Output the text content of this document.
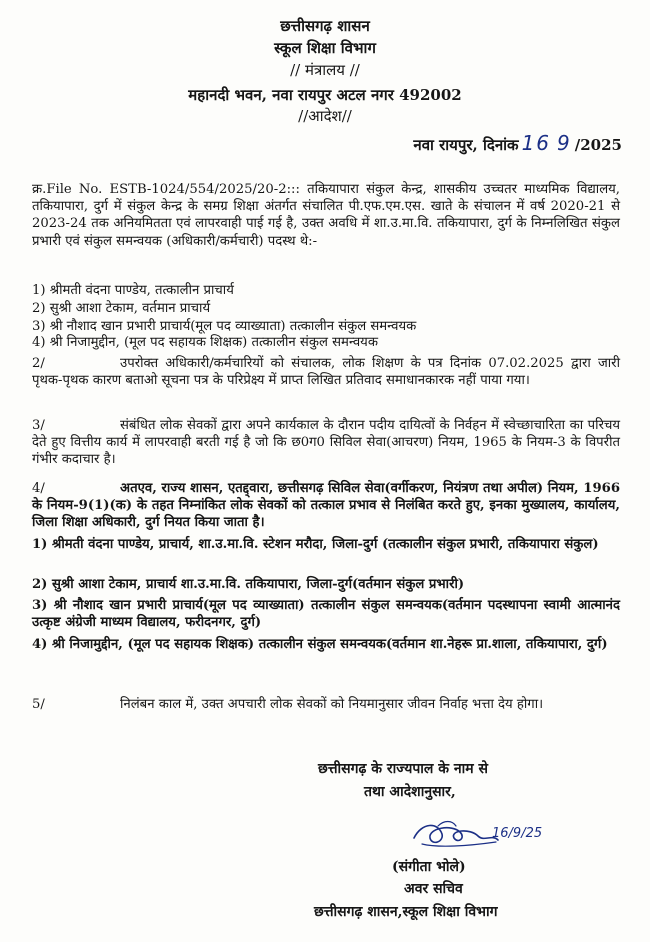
छत्तीसगढ़ शासन
स्कूल शिक्षा विभाग
// मंत्रालय //
महानदी भवन, नवा रायपुर अटल नगर 492002
//आदेश//
नवा रायपुर, दिनांक 16 9 /2025
क्र.File No. ESTB-1024/554/2025/20-2::: तकियापारा संकुल केन्द्र, शासकीय उच्चतर माध्यमिक विद्यालय, तकियापारा, दुर्ग में संकुल केन्द्र के समग्र शिक्षा अंतर्गत संचालित पी.एफ.एम.एस. खाते के संचालन में वर्ष 2020-21 से 2023-24 तक अनियमितता एवं लापरवाही पाई गई है, उक्त अवधि में शा.उ.मा.वि. तकियापारा, दुर्ग के निम्नलिखित संकुल प्रभारी एवं संकुल समन्वयक (अधिकारी/कर्मचारी) पदस्थ थे:-
1) श्रीमती वंदना पाण्डेय, तत्कालीन प्राचार्य
2) सुश्री आशा टेकाम, वर्तमान प्राचार्य
3) श्री नौशाद खान प्रभारी प्राचार्य(मूल पद व्याख्याता) तत्कालीन संकुल समन्वयक
4) श्री निजामुद्दीन, (मूल पद सहायक शिक्षक) तत्कालीन संकुल समन्वयक
2/	उपरोक्त अधिकारी/कर्मचारियों को संचालक, लोक शिक्षण के पत्र दिनांक 07.02.2025 द्वारा जारी पृथक-पृथक कारण बताओ सूचना पत्र के परिप्रेक्ष्य में प्राप्त लिखित प्रतिवाद समाधानकारक नहीं पाया गया।
3/	संबंधित लोक सेवकों द्वारा अपने कार्यकाल के दौरान पदीय दायित्वों के निर्वहन में स्वेच्छाचारिता का परिचय देते हुए वित्तीय कार्य में लापरवाही बरती गई है जो कि छ0ग0 सिविल सेवा(आचरण) नियम, 1965 के नियम-3 के विपरीत गंभीर कदाचार है।
4/	अतएव, राज्य शासन, एतद्द्वारा, छत्तीसगढ़ सिविल सेवा(वर्गीकरण, नियंत्रण तथा अपील) नियम, 1966 के नियम-9(1)(क) के तहत निम्नांकित लोक सेवकों को तत्काल प्रभाव से निलंबित करते हुए, इनका मुख्यालय, कार्यालय, जिला शिक्षा अधिकारी, दुर्ग नियत किया जाता है।
1) श्रीमती वंदना पाण्डेय, प्राचार्य, शा.उ.मा.वि. स्टेशन मरौदा, जिला-दुर्ग (तत्कालीन संकुल प्रभारी, तकियापारा संकुल)
2) सुश्री आशा टेकाम, प्राचार्य शा.उ.मा.वि. तकियापारा, जिला-दुर्ग(वर्तमान संकुल प्रभारी)
3) श्री नौशाद खान प्रभारी प्राचार्य(मूल पद व्याख्याता) तत्कालीन संकुल समन्वयक(वर्तमान पदस्थापना स्वामी आत्मानंद उत्कृष्ट अंग्रेजी माध्यम विद्यालय, फरीदनगर, दुर्ग)
4) श्री निजामुद्दीन, (मूल पद सहायक शिक्षक) तत्कालीन संकुल समन्वयक(वर्तमान शा.नेहरू प्रा.शाला, तकियापारा, दुर्ग)
5/	निलंबन काल में, उक्त अपचारी लोक सेवकों को नियमानुसार जीवन निर्वाह भत्ता देय होगा।
छत्तीसगढ़ के राज्यपाल के नाम से
तथा आदेशानुसार,
16/9/25
(संगीता भोले)
अवर सचिव
छत्तीसगढ़ शासन,स्कूल शिक्षा विभाग
